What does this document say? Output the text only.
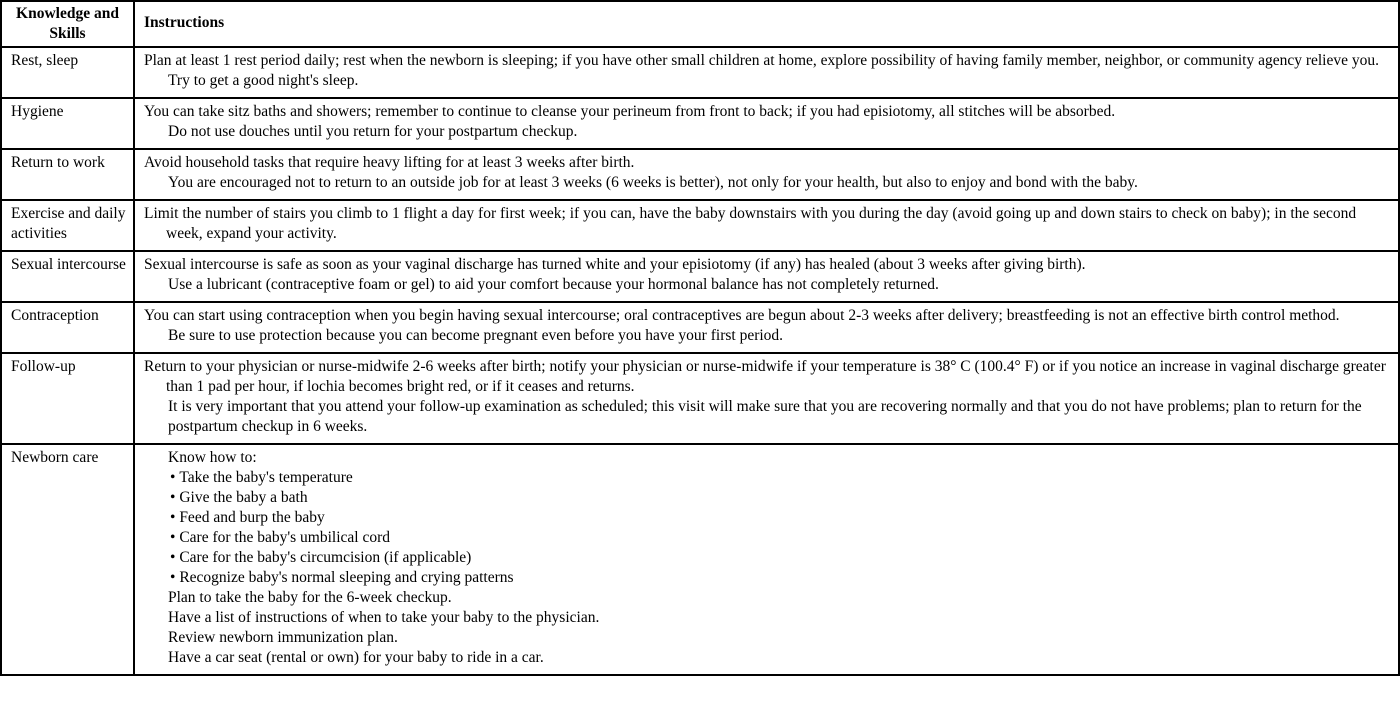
Knowledge and Skills	Instructions
Rest, sleep	Plan at least 1 rest period daily; rest when the newborn is sleeping; if you have other small children at home, explore possibility of having family member, neighbor, or community agency relieve you.
Try to get a good night's sleep.

Hygiene	You can take sitz baths and showers; remember to continue to cleanse your perineum from front to back; if you had episiotomy, all stitches will be absorbed.
Do not use douches until you return for your postpartum checkup.

Return to work	Avoid household tasks that require heavy lifting for at least 3 weeks after birth.
You are encouraged not to return to an outside job for at least 3 weeks (6 weeks is better), not only for your health, but also to enjoy and bond with the baby.

Exercise and daily activities	Limit the number of stairs you climb to 1 flight a day for first week; if you can, have the baby downstairs with you during the day (avoid going up and down stairs to check on baby); in the second week, expand your activity.

Sexual intercourse	Sexual intercourse is safe as soon as your vaginal discharge has turned white and your episiotomy (if any) has healed (about 3 weeks after giving birth).
Use a lubricant (contraceptive foam or gel) to aid your comfort because your hormonal balance has not completely returned.

Contraception	You can start using contraception when you begin having sexual intercourse; oral contraceptives are begun about 2-3 weeks after delivery; breastfeeding is not an effective birth control method.
Be sure to use protection because you can become pregnant even before you have your first period.

Follow-up	Return to your physician or nurse-midwife 2-6 weeks after birth; notify your physician or nurse-midwife if your temperature is 38° C (100.4° F) or if you notice an increase in vaginal discharge greater than 1 pad per hour, if lochia becomes bright red, or if it ceases and returns.
It is very important that you attend your follow-up examination as scheduled; this visit will make sure that you are recovering normally and that you do not have problems; plan to return for the postpartum checkup in 6 weeks.

Newborn care	Know how to:
• Take the baby's temperature
• Give the baby a bath
• Feed and burp the baby
• Care for the baby's umbilical cord
• Care for the baby's circumcision (if applicable)
• Recognize baby's normal sleeping and crying patterns
Plan to take the baby for the 6-week checkup.
Have a list of instructions of when to take your baby to the physician.
Review newborn immunization plan.
Have a car seat (rental or own) for your baby to ride in a car.
